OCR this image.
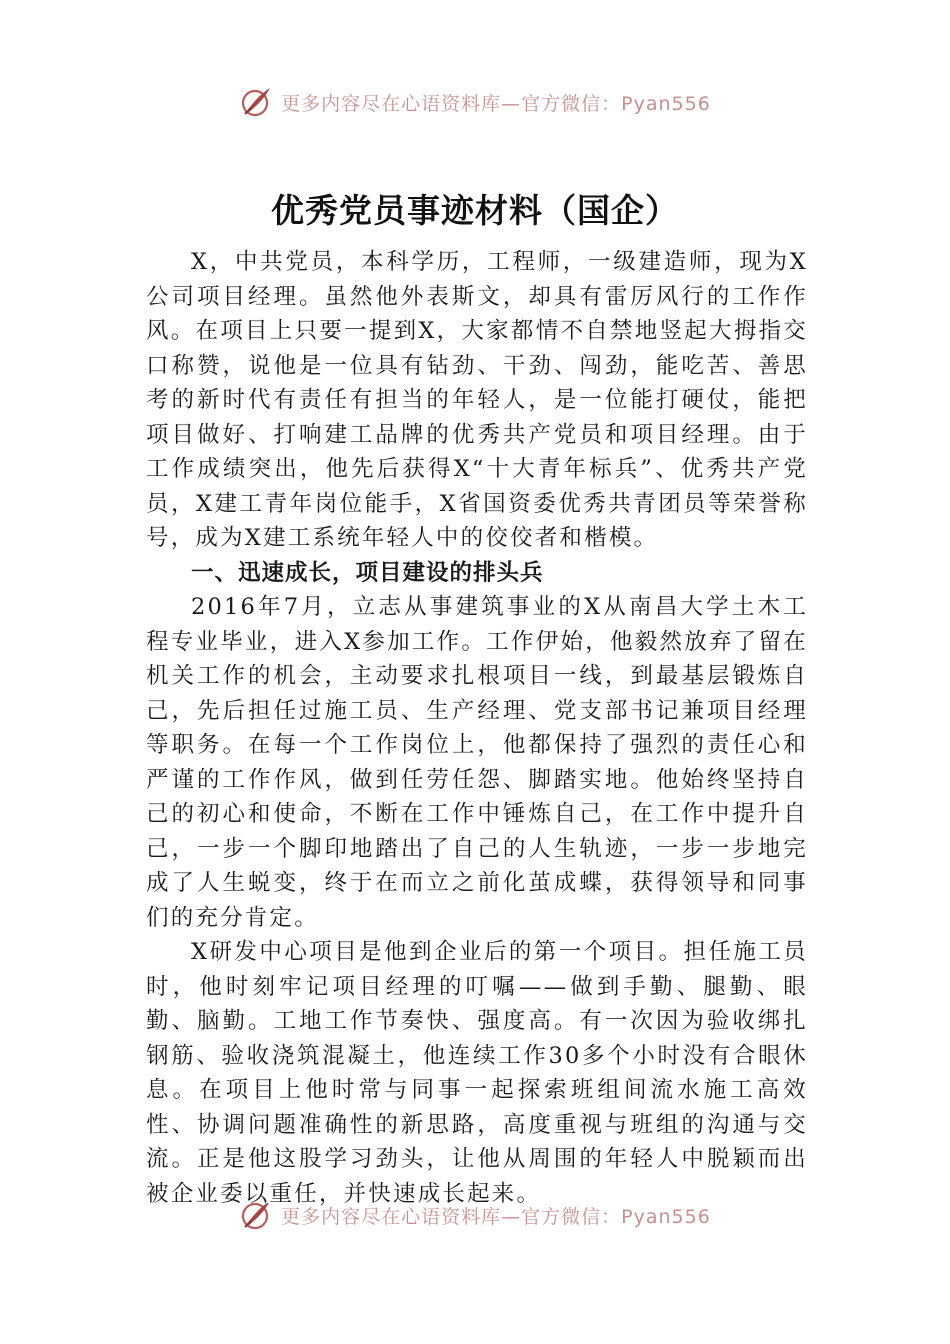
更多内容尽在心语资料库—官方微信：Pyan556
优秀党员事迹材料（国企）

X，中共党员，本科学历，工程师，一级建造师，现为X公司项目经理。虽然他外表斯文，却具有雷厉风行的工作作风。在项目上只要一提到X，大家都情不自禁地竖起大拇指交口称赞，说他是一位具有钻劲、干劲、闯劲，能吃苦、善思考的新时代有责任有担当的年轻人，是一位能打硬仗，能把项目做好、打响建工品牌的优秀共产党员和项目经理。由于工作成绩突出，他先后获得X“十大青年标兵”、优秀共产党员，X建工青年岗位能手，X省国资委优秀共青团员等荣誉称号，成为X建工系统年轻人中的佼佼者和楷模。

一、迅速成长，项目建设的排头兵

2016年7月，立志从事建筑事业的X从南昌大学土木工程专业毕业，进入X参加工作。工作伊始，他毅然放弃了留在机关工作的机会，主动要求扎根项目一线，到最基层锻炼自己，先后担任过施工员、生产经理、党支部书记兼项目经理等职务。在每一个工作岗位上，他都保持了强烈的责任心和严谨的工作作风，做到任劳任怨、脚踏实地。他始终坚持自己的初心和使命，不断在工作中锤炼自己，在工作中提升自己，一步一个脚印地踏出了自己的人生轨迹，一步一步地完成了人生蜕变，终于在而立之前化茧成蝶，获得领导和同事们的充分肯定。

X研发中心项目是他到企业后的第一个项目。担任施工员时，他时刻牢记项目经理的叮嘱——做到手勤、腿勤、眼勤、脑勤。工地工作节奏快、强度高。有一次因为验收绑扎钢筋、验收浇筑混凝土，他连续工作30多个小时没有合眼休息。在项目上他时常与同事一起探索班组间流水施工高效性、协调问题准确性的新思路，高度重视与班组的沟通与交流。正是他这股学习劲头，让他从周围的年轻人中脱颖而出被企业委以重任，并快速成长起来。

更多内容尽在心语资料库—官方微信：Pyan556
